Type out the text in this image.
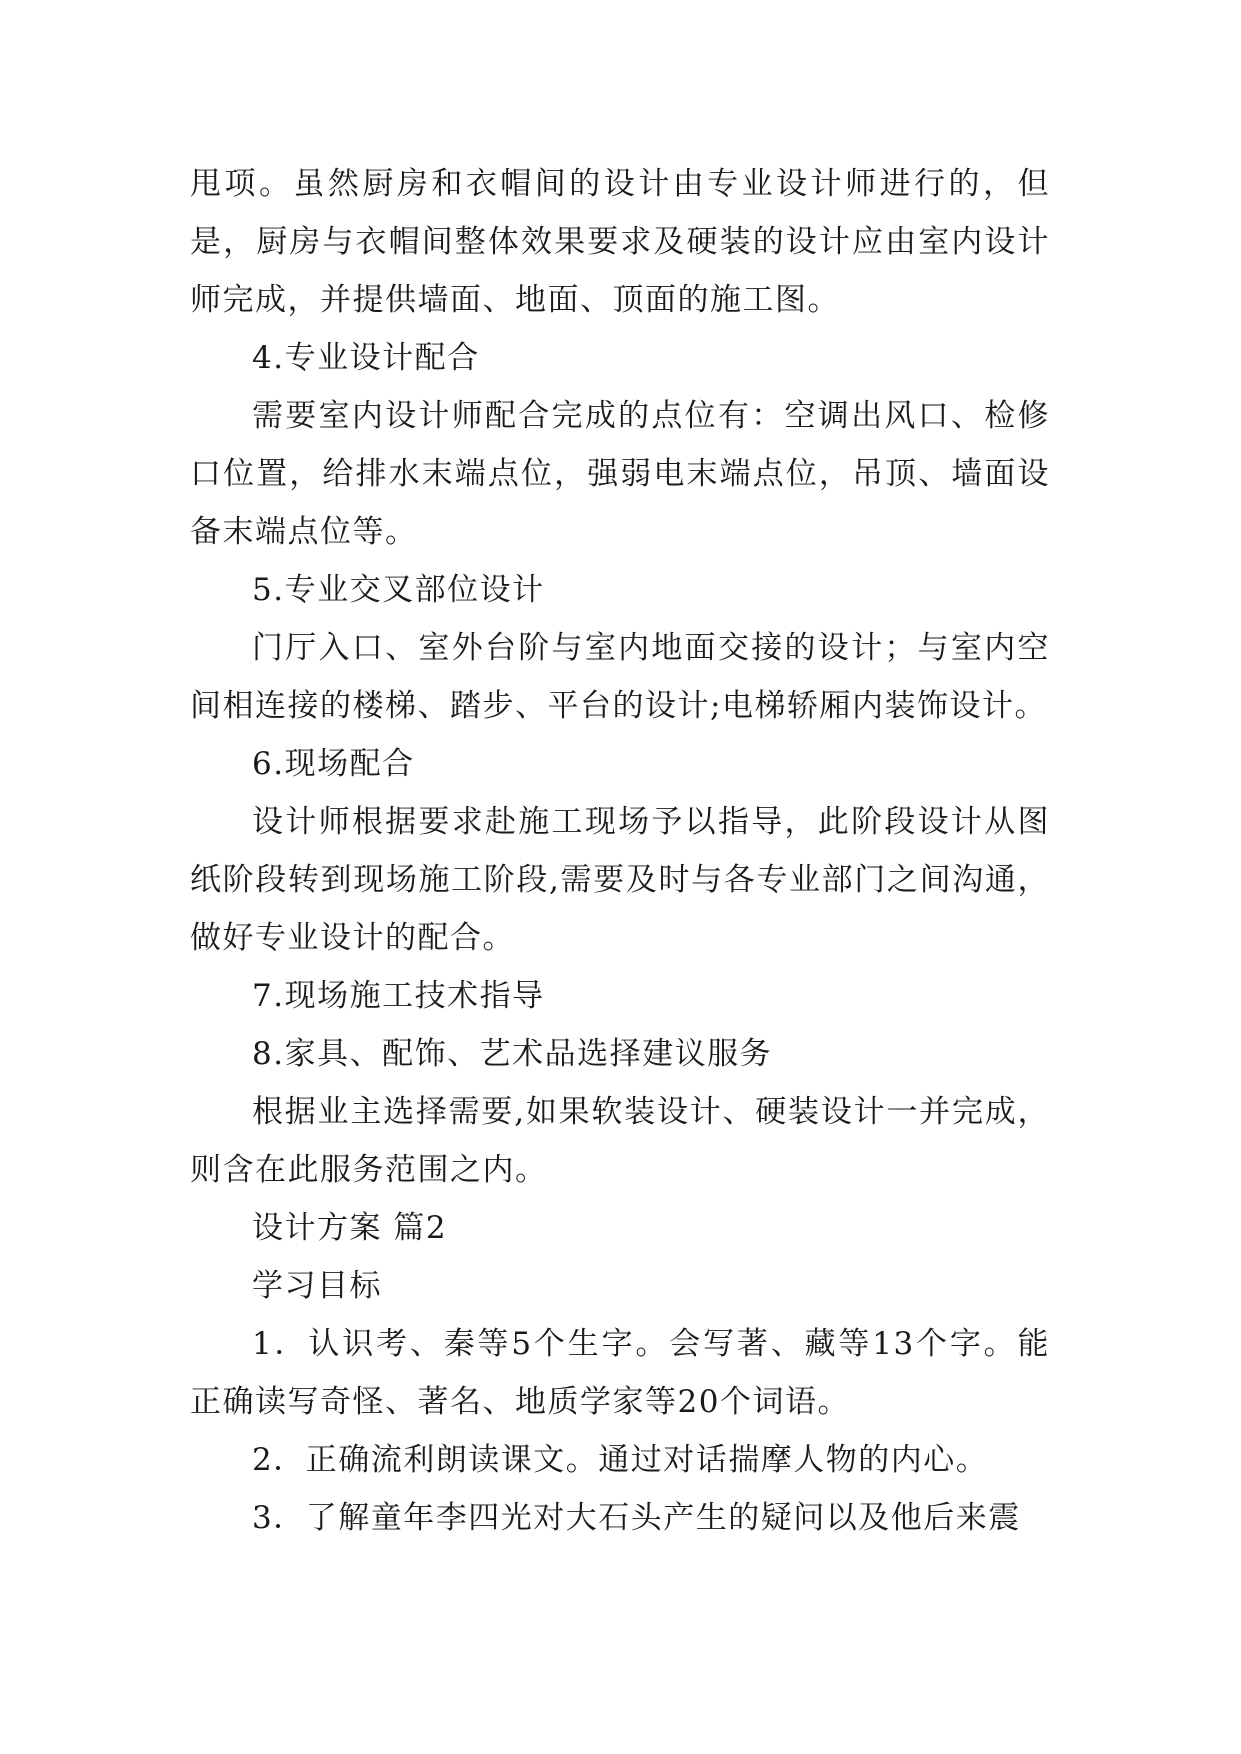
甩项。虽然厨房和衣帽间的设计由专业设计师进行的，但是，厨房与衣帽间整体效果要求及硬装的设计应由室内设计师完成，并提供墙面、地面、顶面的施工图。

4.专业设计配合

需要室内设计师配合完成的点位有：空调出风口、检修口位置，给排水末端点位，强弱电末端点位，吊顶、墙面设备末端点位等。

5.专业交叉部位设计

门厅入口、室外台阶与室内地面交接的设计；与室内空间相连接的楼梯、踏步、平台的设计;电梯轿厢内装饰设计。

6.现场配合

设计师根据要求赴施工现场予以指导，此阶段设计从图纸阶段转到现场施工阶段,需要及时与各专业部门之间沟通，做好专业设计的配合。

7.现场施工技术指导

8.家具、配饰、艺术品选择建议服务

根据业主选择需要,如果软装设计、硬装设计一并完成，则含在此服务范围之内。

设计方案 篇2

学习目标

1．认识考、秦等5个生字。会写著、藏等13个字。能正确读写奇怪、著名、地质学家等20个词语。

2．正确流利朗读课文。通过对话揣摩人物的内心。

3．了解童年李四光对大石头产生的疑问以及他后来震
